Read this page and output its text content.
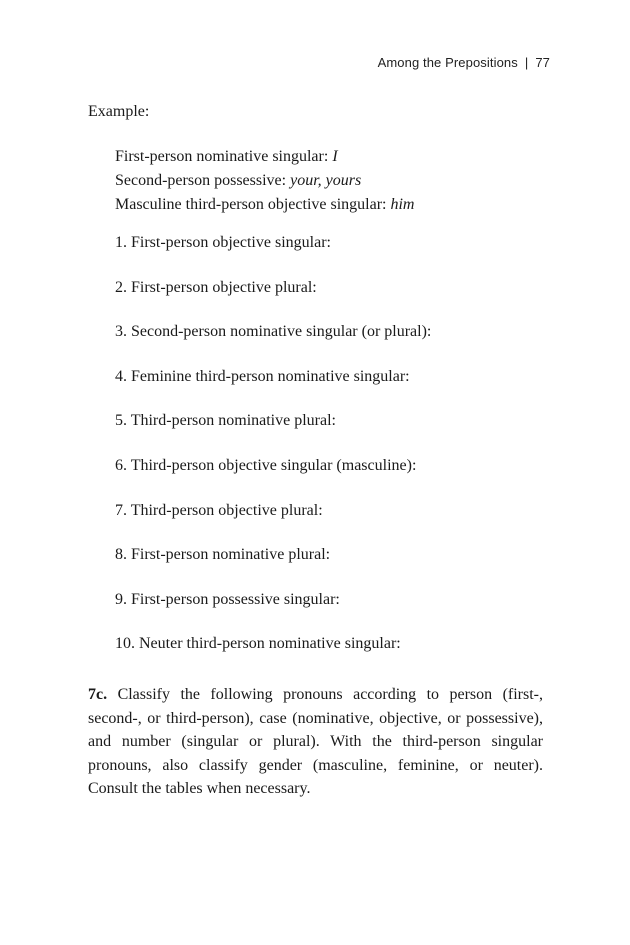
Among the Prepositions | 77
Example:
First-person nominative singular: I
Second-person possessive: your, yours
Masculine third-person objective singular: him
1. First-person objective singular:
2. First-person objective plural:
3. Second-person nominative singular (or plural):
4. Feminine third-person nominative singular:
5. Third-person nominative plural:
6. Third-person objective singular (masculine):
7. Third-person objective plural:
8. First-person nominative plural:
9. First-person possessive singular:
10. Neuter third-person nominative singular:
7c. Classify the following pronouns according to person (first-, second-, or third-person), case (nominative, objective, or possessive), and number (singular or plural). With the third-person singular pronouns, also classify gender (masculine, feminine, or neuter). Consult the tables when necessary.
